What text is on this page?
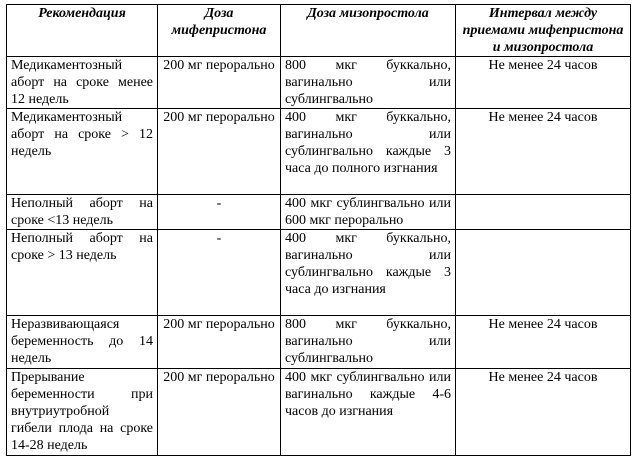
Рекомендация	Доза мифепристона	Доза мизопростола	Интервал между приемами мифепристона и мизопростола
Медикаментозный аборт на сроке менее 12 недель	200 мг перорально	800 мкг буккально, вагинально или сублингвально	Не менее 24 часов
Медикаментозный аборт на сроке > 12 недель	200 мг перорально	400 мкг буккально, вагинально или сублингвально каждые 3 часа до полного изгнания	Не менее 24 часов
Неполный аборт на сроке <13 недель	-	400 мкг сублингвально или 600 мкг перорально	
Неполный аборт на сроке > 13 недель	-	400 мкг буккально, вагинально или сублингвально каждые 3 часа до изгнания	
Неразвивающаяся беременность до 14 недель	200 мг перорально	800 мкг буккально, вагинально или сублингвально	Не менее 24 часов
Прерывание беременности при внутриутробной гибели плода на сроке 14-28 недель	200 мг перорально	400 мкг сублингвально или вагинально каждые 4-6 часов до изгнания	Не менее 24 часов
